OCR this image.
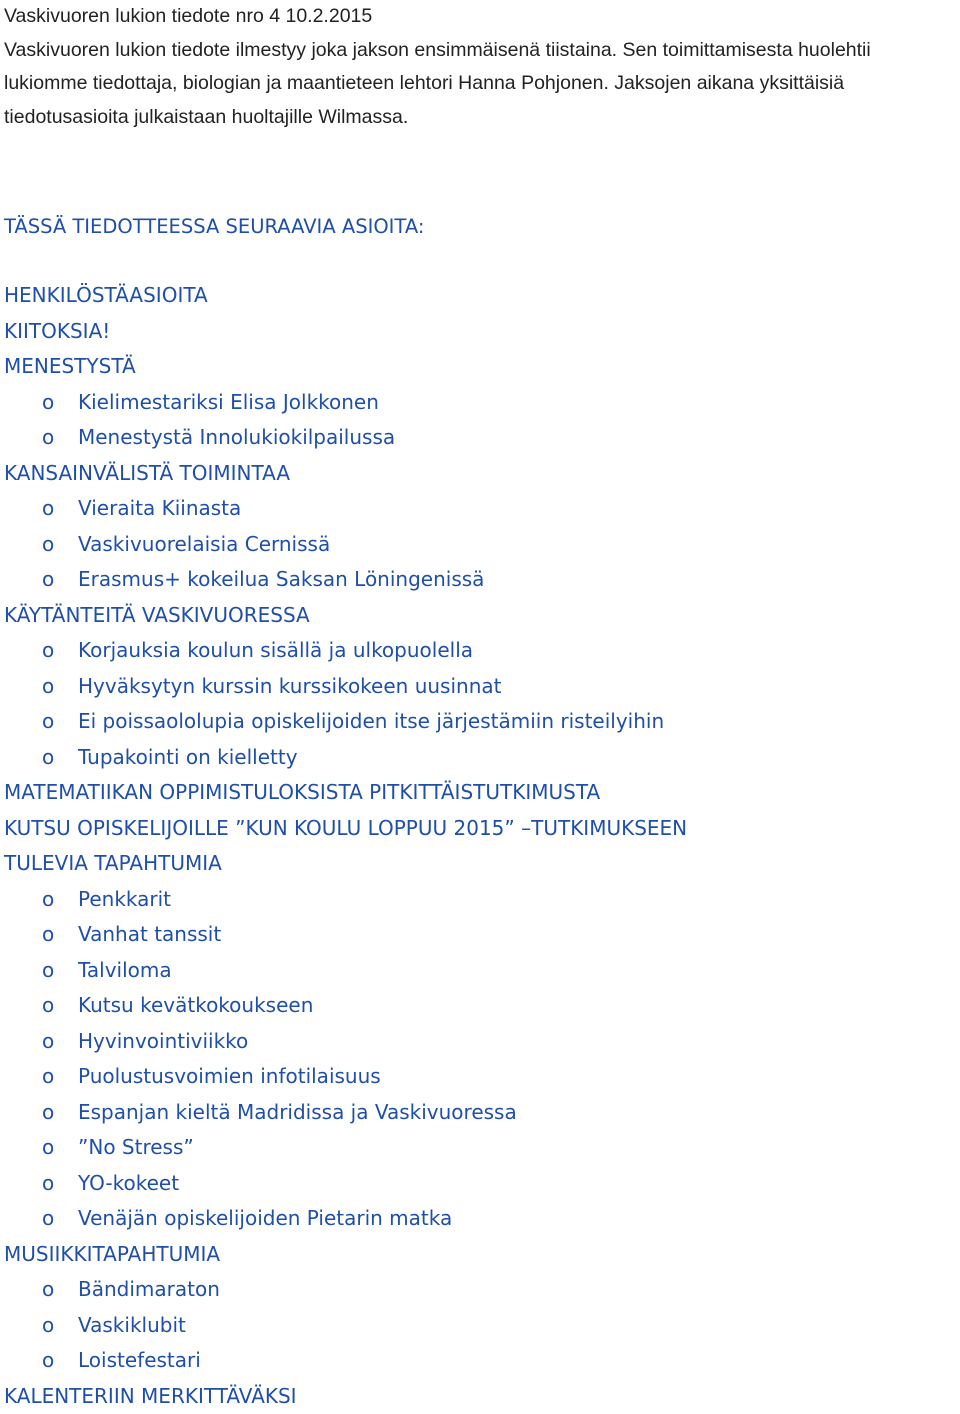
Vaskivuoren lukion tiedote nro 4 10.2.2015
Vaskivuoren lukion tiedote ilmestyy joka jakson ensimmäisenä tiistaina. Sen toimittamisesta huolehtii
lukiomme tiedottaja, biologian ja maantieteen lehtori Hanna Pohjonen. Jaksojen aikana yksittäisiä
tiedotusasioita julkaistaan huoltajille Wilmassa.
TÄSSÄ TIEDOTTEESSA SEURAAVIA ASIOITA:
HENKILÖSTÄASIOITA
KIITOKSIA!
MENESTYSTÄ
o Kielimestariksi Elisa Jolkkonen
o Menestystä Innolukiokilpailussa
KANSAINVÄLISTÄ TOIMINTAA
o Vieraita Kiinasta
o Vaskivuorelaisia Cernissä
o Erasmus+ kokeilua Saksan Löningenissä
KÄYTÄNTEITÄ VASKIVUORESSA
o Korjauksia koulun sisällä ja ulkopuolella
o Hyväksytyn kurssin kurssikokeen uusinnat
o Ei poissaololupia opiskelijoiden itse järjestämiin risteilyihin
o Tupakointi on kielletty
MATEMATIIKAN OPPIMISTULOKSISTA PITKITTÄISTUTKIMUSTA
KUTSU OPISKELIJOILLE ”KUN KOULU LOPPUU 2015” –TUTKIMUKSEEN
TULEVIA TAPAHTUMIA
o Penkkarit
o Vanhat tanssit
o Talviloma
o Kutsu kevätkokoukseen
o Hyvinvointiviikko
o Puolustusvoimien infotilaisuus
o Espanjan kieltä Madridissa ja Vaskivuoressa
o ”No Stress”
o YO-kokeet
o Venäjän opiskelijoiden Pietarin matka
MUSIIKKITAPAHTUMIA
o Bändimaraton
o Vaskiklubit
o Loistefestari
KALENTERIIN MERKITTÄVÄKSI
